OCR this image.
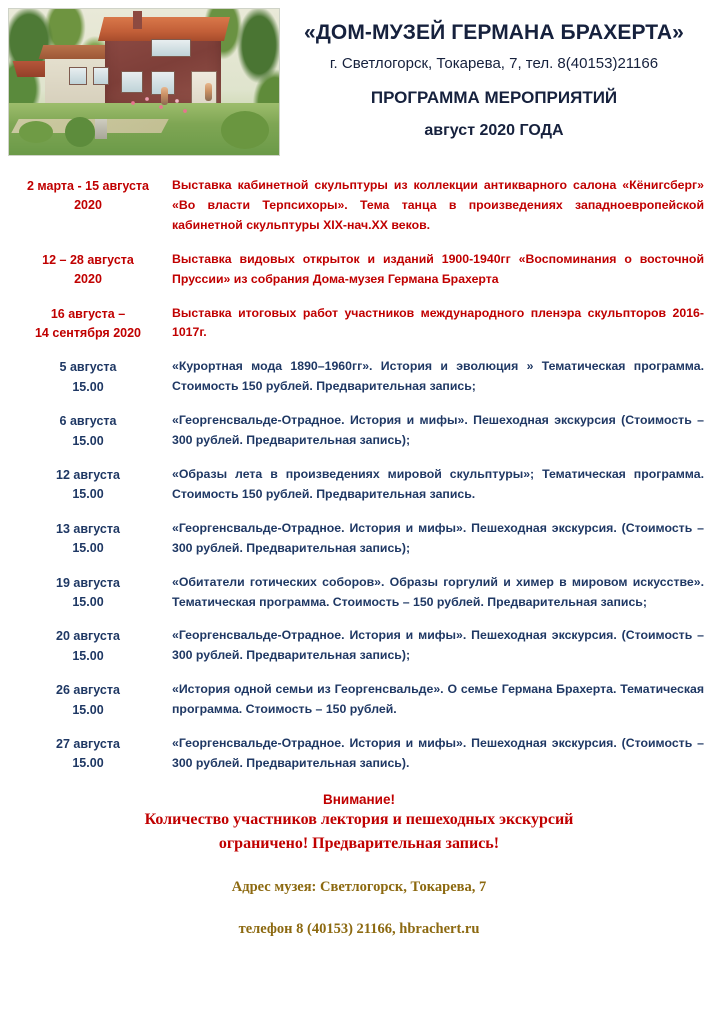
«ДОМ-МУЗЕЙ ГЕРМАНА БРАХЕРТА»
г. Светлогорск, Токарева, 7, тел. 8(40153)21166
ПРОГРАММА МЕРОПРИЯТИЙ
август 2020 ГОДА
2 марта - 15 августа
2020
Выставка кабинетной скульптуры из коллекции антикварного салона «Кёнигсберг» «Во власти Терпсихоры». Тема танца в произведениях западноевропейской кабинетной скульптуры XIX-нач.XX веков.
12 – 28 августа
2020
Выставка видовых открыток и изданий 1900-1940гг «Воспоминания о восточной Пруссии» из собрания Дома-музея Германа Брахерта
16 августа –
14 сентября 2020
Выставка итоговых работ участников международного пленэра скульпторов 2016-1017г.
5 августа
15.00
«Курортная мода 1890–1960гг». История и эволюция » Тематическая программа. Стоимость 150 рублей. Предварительная запись;
6 августа
15.00
«Георгенсвальде-Отрадное. История и мифы». Пешеходная экскурсия (Стоимость – 300 рублей. Предварительная запись);
12 августа
15.00
«Образы лета в произведениях мировой скульптуры»; Тематическая программа. Стоимость 150 рублей. Предварительная запись.
13 августа
15.00
«Георгенсвальде-Отрадное. История и мифы». Пешеходная экскурсия. (Стоимость – 300 рублей. Предварительная запись);
19 августа
15.00
«Обитатели готических соборов». Образы горгулий и химер в мировом искусстве». Тематическая программа. Стоимость – 150 рублей. Предварительная запись;
20 августа
15.00
«Георгенсвальде-Отрадное. История и мифы». Пешеходная экскурсия. (Стоимость – 300 рублей. Предварительная запись);
26 августа
15.00
«История одной семьи из Георгенсвальде». О семье Германа Брахерта. Тематическая программа. Стоимость – 150 рублей.
27 августа
15.00
«Георгенсвальде-Отрадное. История и мифы». Пешеходная экскурсия. (Стоимость – 300 рублей. Предварительная запись).
Внимание!
Количество участников лектория и пешеходных экскурсий
ограничено! Предварительная запись!
Адрес музея: Светлогорск, Токарева, 7
телефон 8 (40153) 21166, hbrachert.ru
